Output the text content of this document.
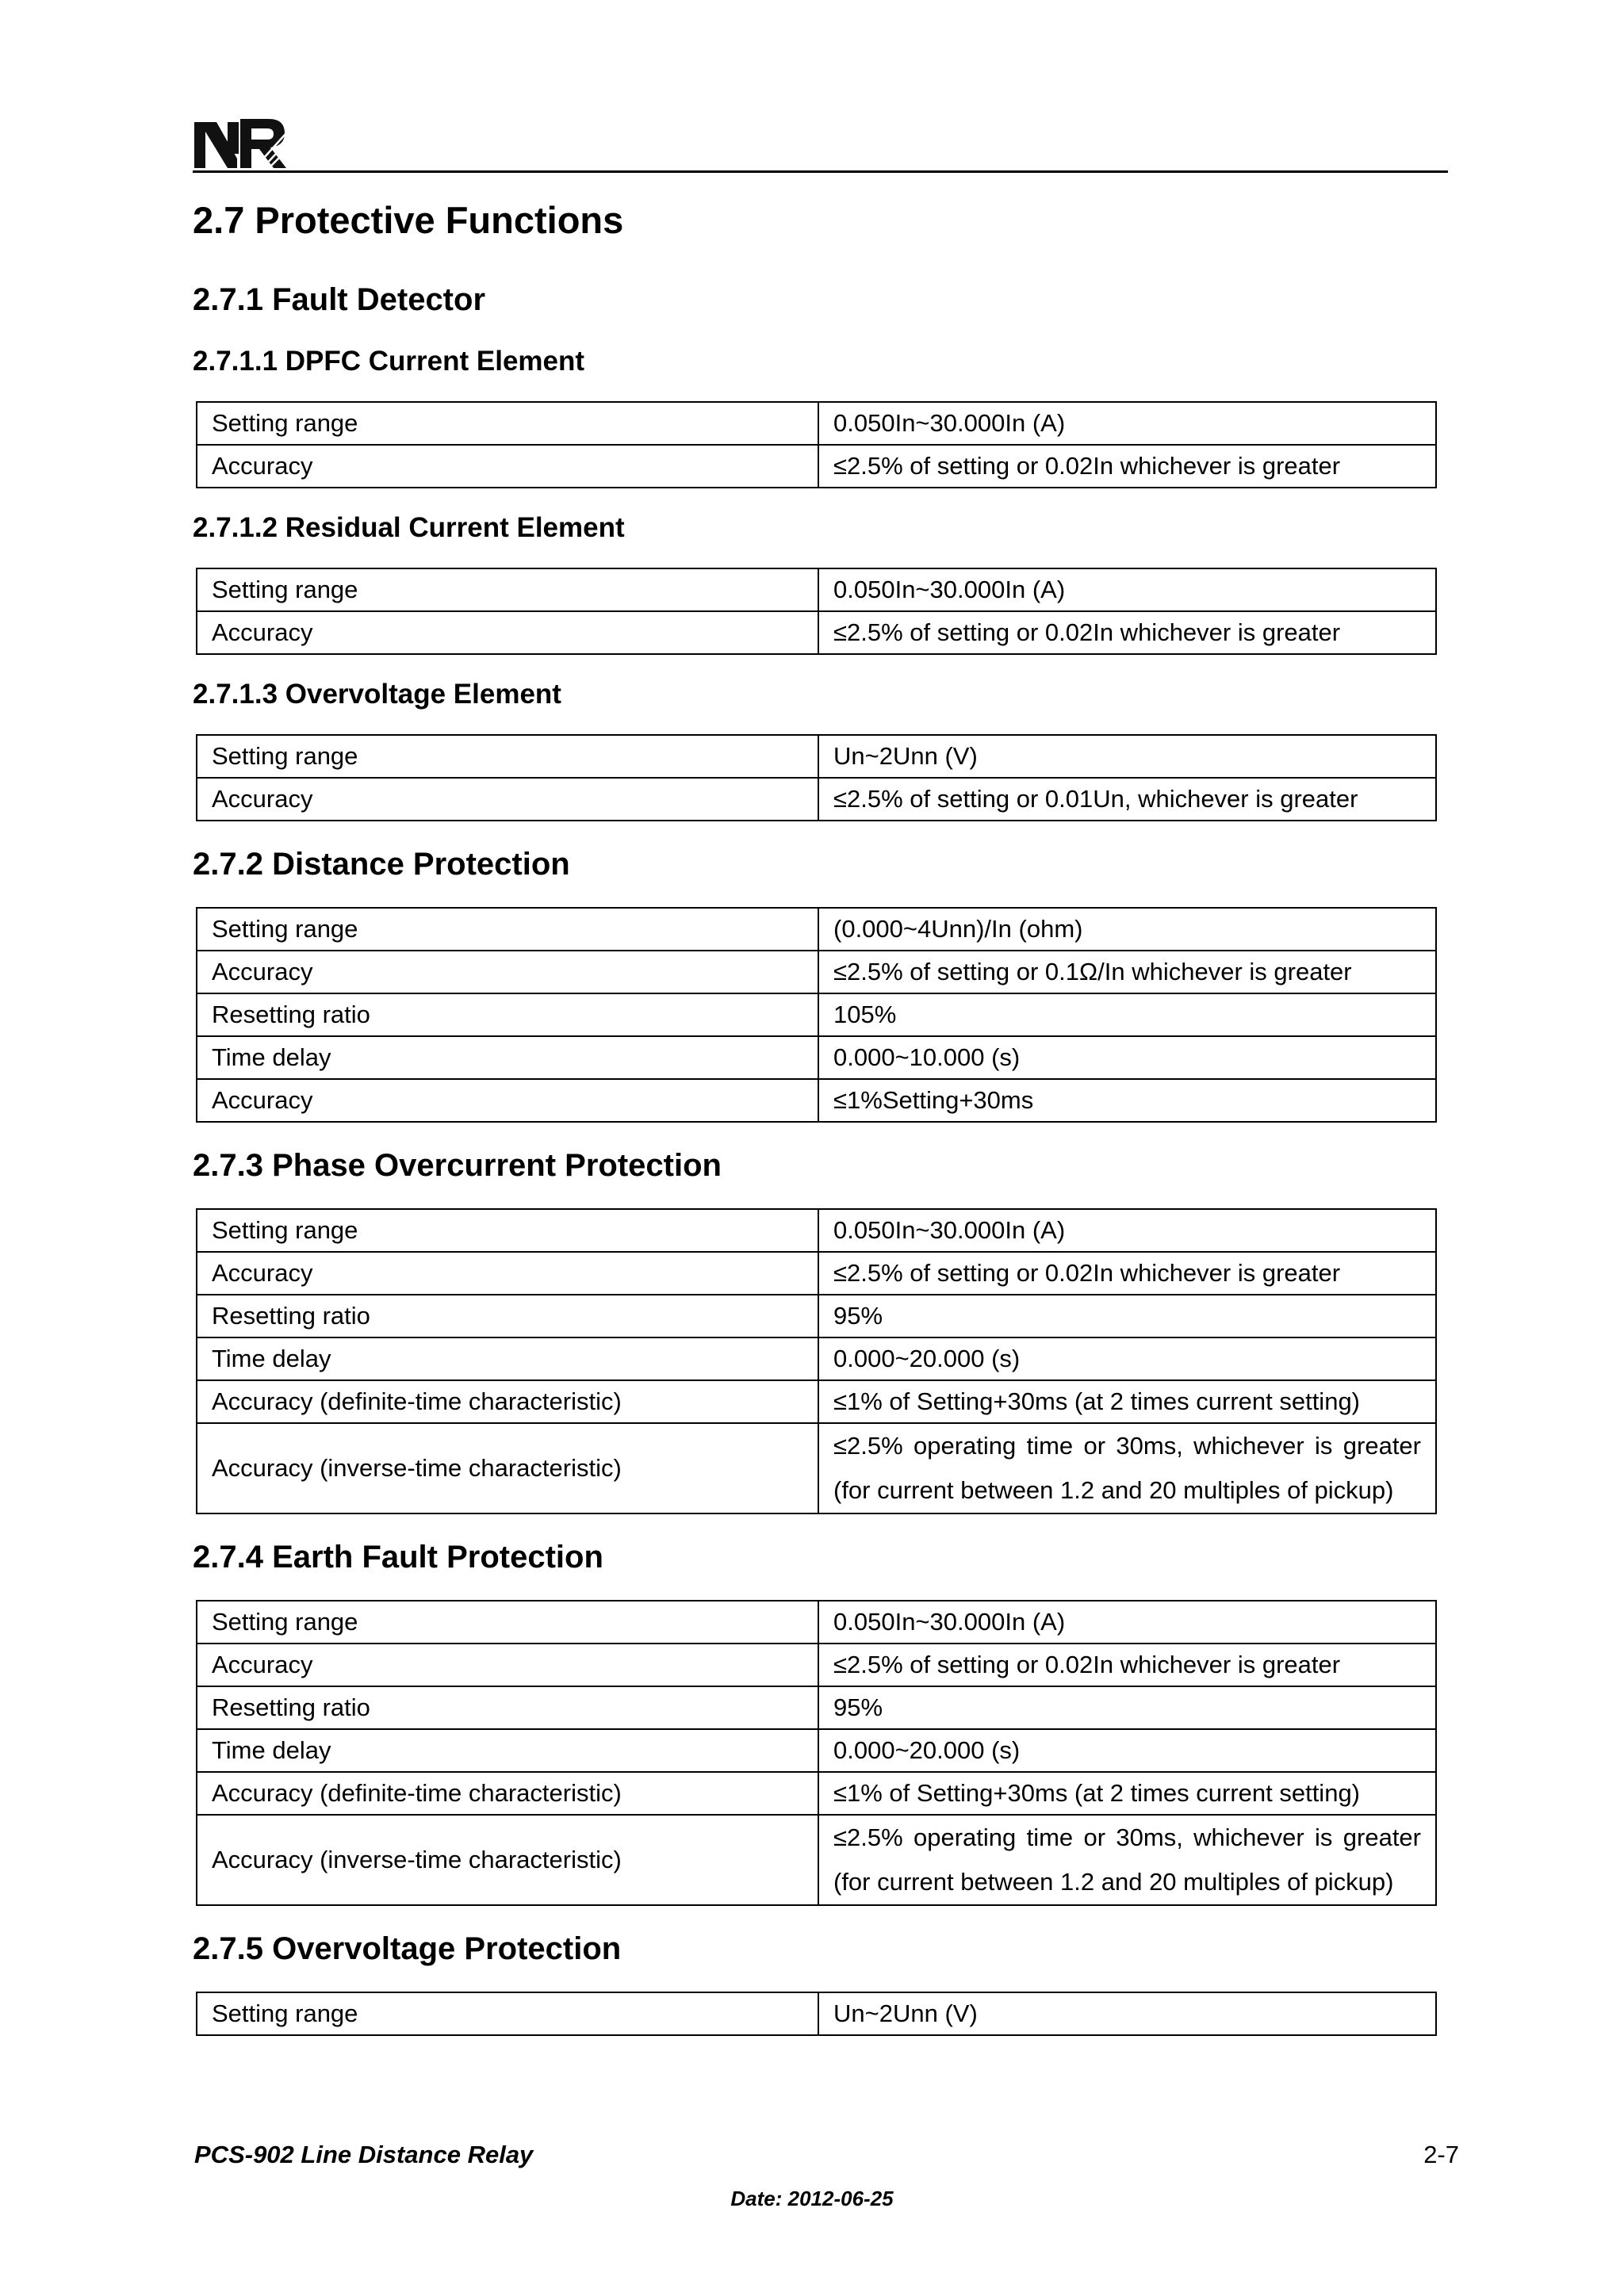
2.7 Protective Functions
2.7.1 Fault Detector
2.7.1.1 DPFC Current Element
Setting range	0.050In~30.000In (A)
Accuracy	≤2.5% of setting or 0.02In whichever is greater
2.7.1.2 Residual Current Element
Setting range	0.050In~30.000In (A)
Accuracy	≤2.5% of setting or 0.02In whichever is greater
2.7.1.3 Overvoltage Element
Setting range	Un~2Unn (V)
Accuracy	≤2.5% of setting or 0.01Un, whichever is greater
2.7.2 Distance Protection
Setting range	(0.000~4Unn)/In (ohm)
Accuracy	≤2.5% of setting or 0.1Ω/In whichever is greater
Resetting ratio	105%
Time delay	0.000~10.000 (s)
Accuracy	≤1%Setting+30ms
2.7.3 Phase Overcurrent Protection
Setting range	0.050In~30.000In (A)
Accuracy	≤2.5% of setting or 0.02In whichever is greater
Resetting ratio	95%
Time delay	0.000~20.000 (s)
Accuracy (definite-time characteristic)	≤1% of Setting+30ms (at 2 times current setting)
Accuracy (inverse-time characteristic)	≤2.5% operating time or 30ms, whichever is greater
(for current between 1.2 and 20 multiples of pickup)
2.7.4 Earth Fault Protection
Setting range	0.050In~30.000In (A)
Accuracy	≤2.5% of setting or 0.02In whichever is greater
Resetting ratio	95%
Time delay	0.000~20.000 (s)
Accuracy (definite-time characteristic)	≤1% of Setting+30ms (at 2 times current setting)
Accuracy (inverse-time characteristic)	≤2.5% operating time or 30ms, whichever is greater
(for current between 1.2 and 20 multiples of pickup)
2.7.5 Overvoltage Protection
Setting range	Un~2Unn (V)
PCS-902 Line Distance Relay	2-7
Date: 2012-06-25
